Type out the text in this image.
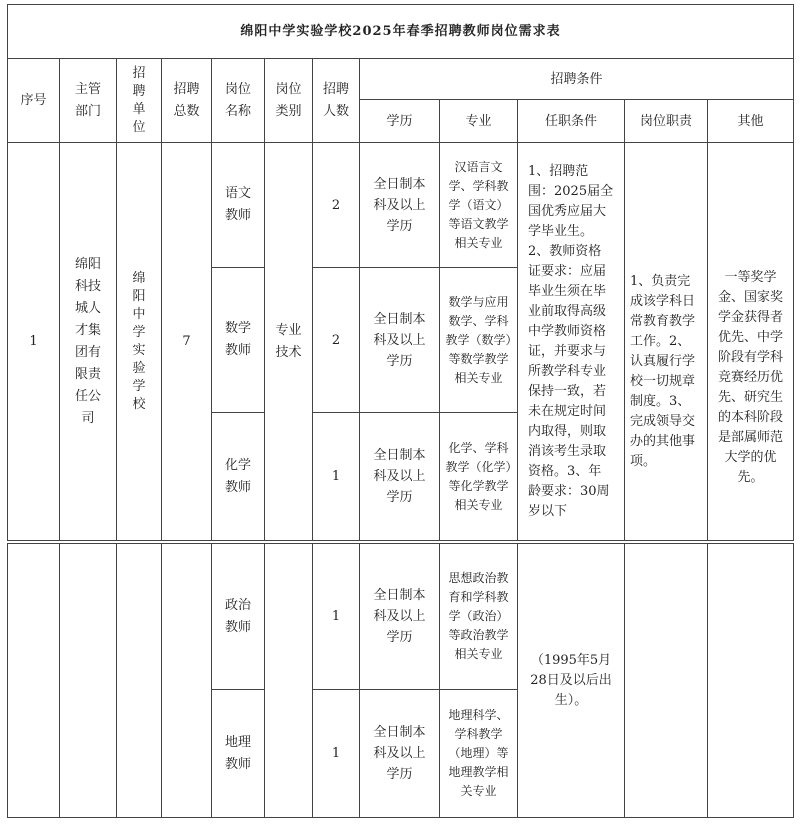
绵阳中学实验学校2025年春季招聘教师岗位需求表											
序号	主管部门	招聘单位	招聘总数	岗位名称	岗位类别	招聘人数	招聘条件				
							学历	专业	任职条件	岗位职责	其他
1	绵阳科技城人才集团有限责任公司	绵阳中学实验学校	7	语文教师	专业技术	2	全日制本科及以上学历	汉语言文学、学科教学（语文）等语文教学相关专业	1、招聘范围：2025届全国优秀应届大学毕业生。2、教师资格证要求：应届毕业生须在毕业前取得高级中学教师资格证，并要求与所教学科专业保持一致，若未在规定时间内取得，则取消该考生录取资格。3、年龄要求：30周岁以下	1、负责完成该学科日常教育教学工作。2、认真履行学校一切规章制度。3、完成领导交办的其他事项。	一等奖学金、国家奖学金获得者优先、中学阶段有学科竞赛经历优先、研究生的本科阶段是部属师范大学的优先。
				数学教师		2	全日制本科及以上学历	数学与应用数学、学科教学（数学）等数学教学相关专业			
				化学教师		1	全日制本科及以上学历	化学、学科教学（化学）等化学教学相关专业			
				政治教师		1	全日制本科及以上学历	思想政治教育和学科教学（政治）等政治教学相关专业	（1995年5月28日及以后出生）。		
				地理教师		1	全日制本科及以上学历	地理科学、学科教学（地理）等地理教学相关专业			
